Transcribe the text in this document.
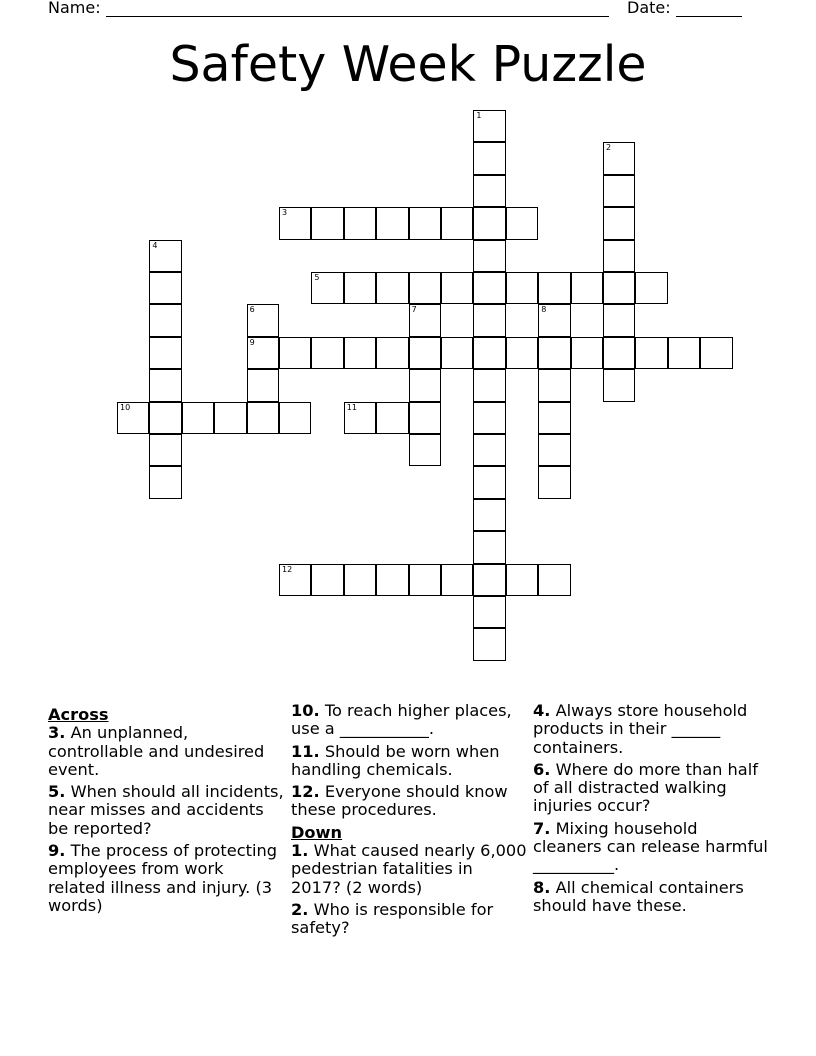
Name:	Date:
Safety Week Puzzle
3
5
9
10	11
12
1
2
4
6	7	8
Across
3. An unplanned, controllable and undesired event.
5. When should all incidents, near misses and accidents be reported?
9. The process of protecting employees from work related illness and injury. (3 words)
10. To reach higher places, use a ___________.
11. Should be worn when handling chemicals.
12. Everyone should know these procedures.
Down
1. What caused nearly 6,000 pedestrian fatalities in 2017? (2 words)
2. Who is responsible for safety?
4. Always store household products in their ______ containers.
6. Where do more than half of all distracted walking injuries occur?
7. Mixing household cleaners can release harmful __________.
8. All chemical containers should have these.
